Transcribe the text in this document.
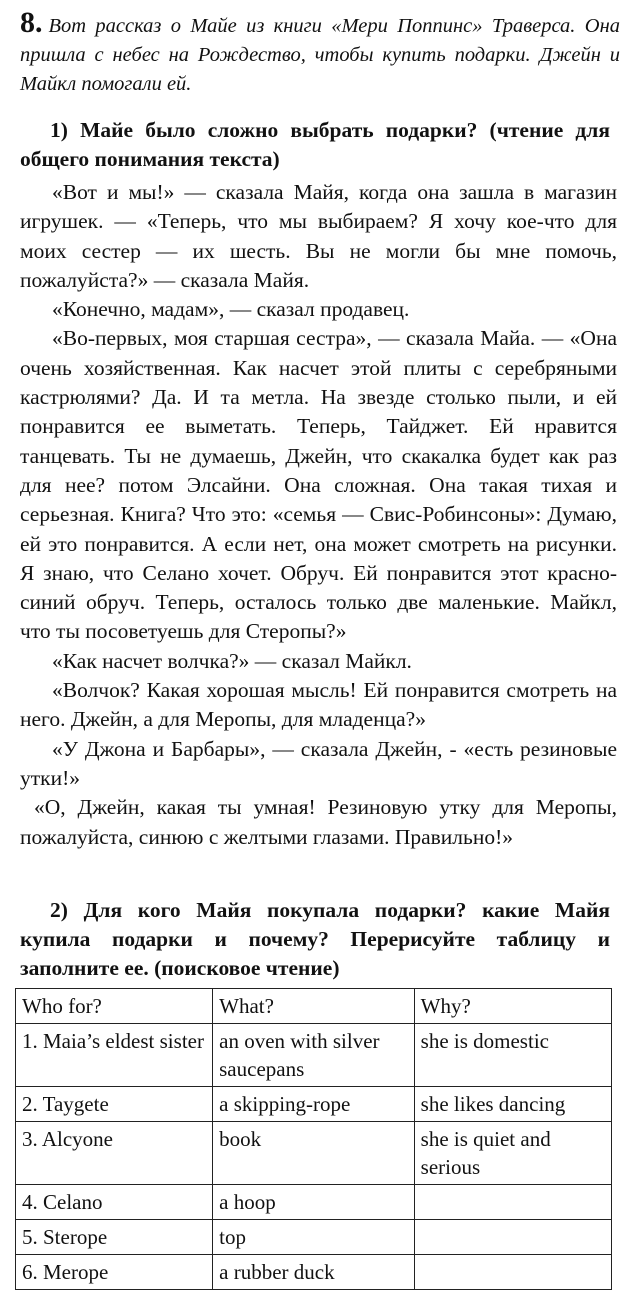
8. Вот рассказ о Майе из книги «Мери Поппинс» Траверса. Она пришла с небес на Рождество, чтобы купить подарки. Джейн и Майкл помогали ей.
1) Майе было сложно выбрать подарки? (чтение для общего понимания текста)

«Вот и мы!» — сказала Майя, когда она зашла в магазин игрушек. — «Теперь, что мы выбираем? Я хочу кое-что для моих сестер — их шесть. Вы не могли бы мне помочь, пожалуйста?» — сказала Майя.

«Конечно, мадам», — сказал продавец.

«Во-первых, моя старшая сестра», — сказала Майа. — «Она очень хозяйственная. Как насчет этой плиты с серебряными кастрюлями? Да. И та метла. На звезде столько пыли, и ей понравится ее выметать. Теперь, Тайджет. Ей нравится танцевать. Ты не думаешь, Джейн, что скакалка будет как раз для нее? потом Элсайни. Она сложная. Она такая тихая и серьезная. Книга? Что это: «семья — Свис-Робинсоны»: Думаю, ей это понравится. А если нет, она может смотреть на рисунки. Я знаю, что Селано хочет. Обруч. Ей понравится этот красно-синий обруч. Теперь, осталось только две маленькие. Майкл, что ты посоветуешь для Стеропы?»

«Как насчет волчка?» — сказал Майкл.

«Волчок? Какая хорошая мысль! Ей понравится смотреть на него. Джейн, а для Меропы, для младенца?»

«У Джона и Барбары», — сказала Джейн, - «есть резиновые утки!»

«О, Джейн, какая ты умная! Резиновую утку для Меропы, пожалуйста, синюю с желтыми глазами. Правильно!»

2) Для кого Майя покупала подарки? какие Майя купила подарки и почему? Перерисуйте таблицу и заполните ее. (поисковое чтение)
Who for?	What?	Why?
1. Maia’s eldest sister	an oven with silver saucepans	she is domestic
2. Taygete	a skipping-rope	she likes dancing
3. Alcyone	book	she is quiet and serious
4. Celano	a hoop	
5. Sterope	top	
6. Merope	a rubber duck	
